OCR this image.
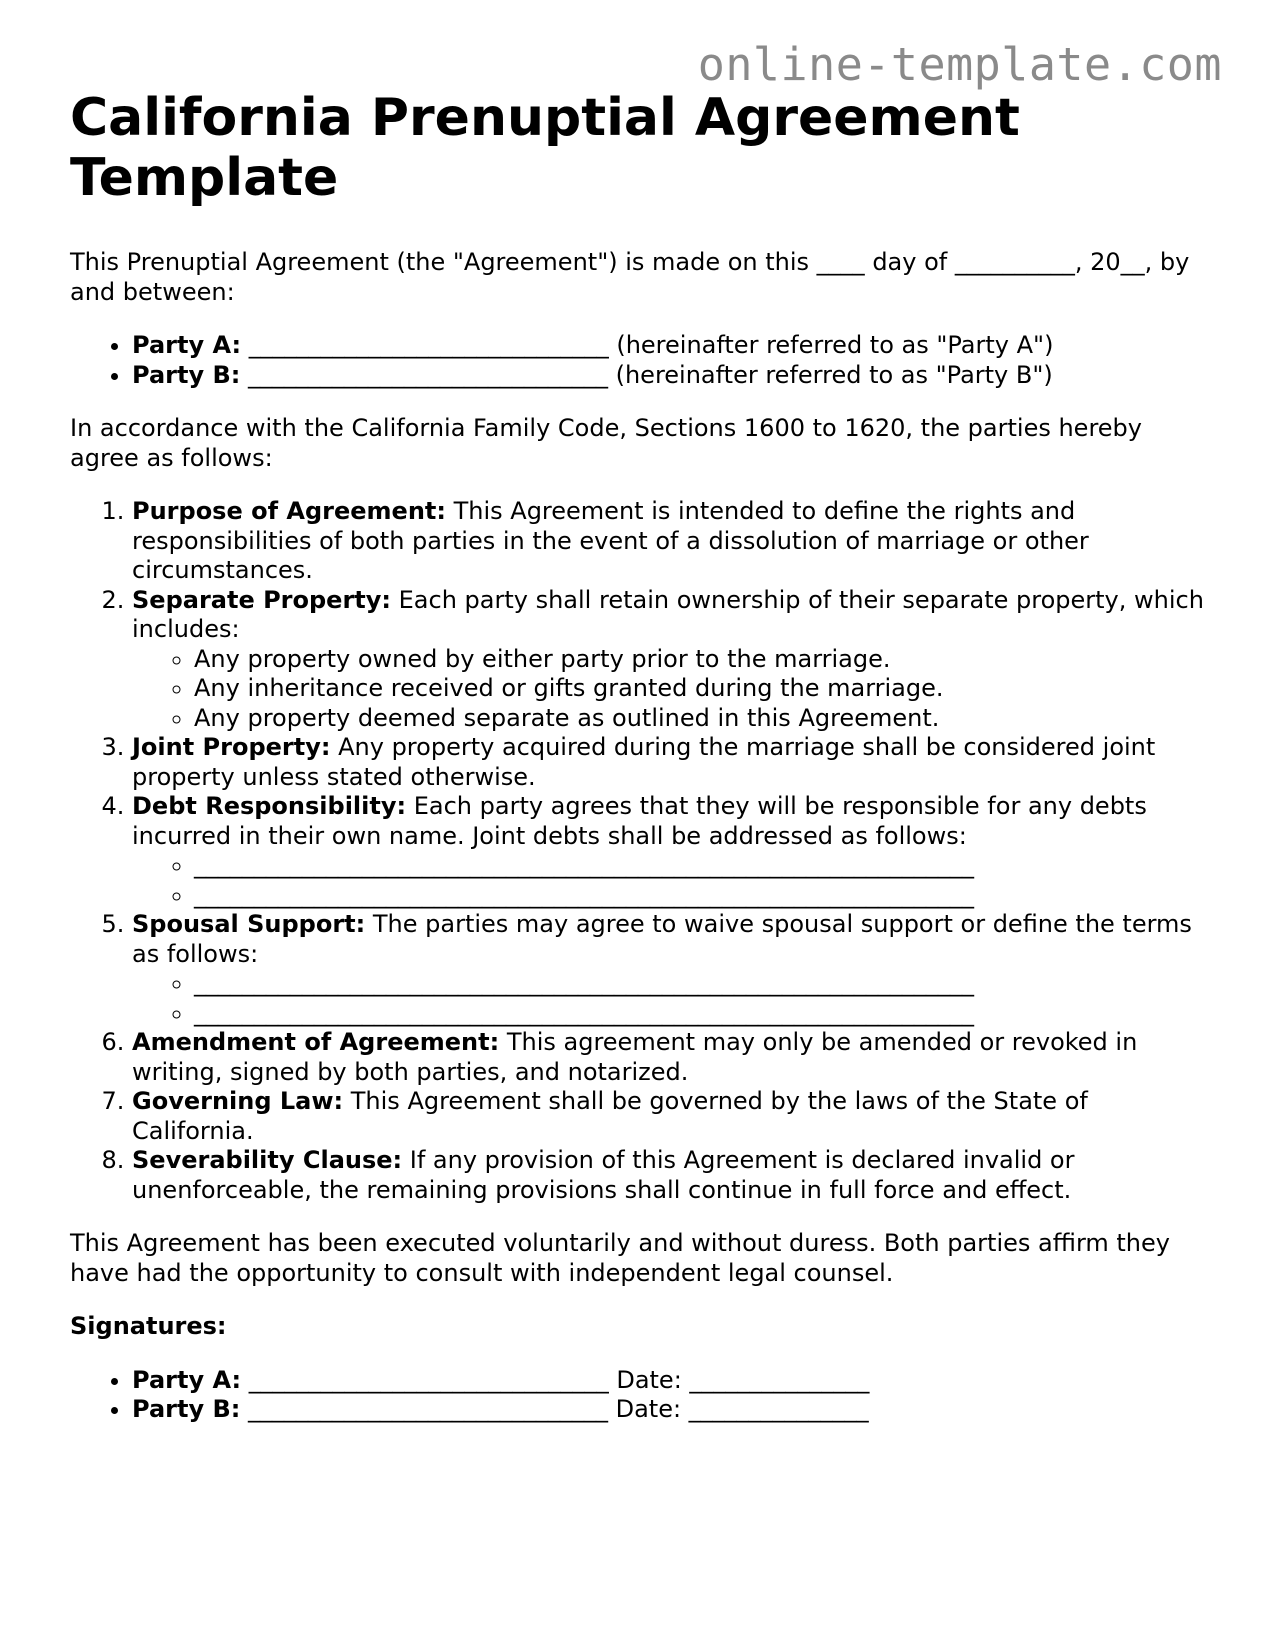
online-template.com
California Prenuptial Agreement Template

This Prenuptial Agreement (the "Agreement") is made on this ____ day of __________, 20__, by and between:

• Party A: ______________________________ (hereinafter referred to as "Party A")
• Party B: ______________________________ (hereinafter referred to as "Party B")

In accordance with the California Family Code, Sections 1600 to 1620, the parties hereby agree as follows:

1. Purpose of Agreement: This Agreement is intended to define the rights and responsibilities of both parties in the event of a dissolution of marriage or other circumstances.
2. Separate Property: Each party shall retain ownership of their separate property, which includes:
◦ Any property owned by either party prior to the marriage.
◦ Any inheritance received or gifts granted during the marriage.
◦ Any property deemed separate as outlined in this Agreement.
3. Joint Property: Any property acquired during the marriage shall be considered joint property unless stated otherwise.
4. Debt Responsibility: Each party agrees that they will be responsible for any debts incurred in their own name. Joint debts shall be addressed as follows:
◦ _________________________________________________________________
◦ _________________________________________________________________
5. Spousal Support: The parties may agree to waive spousal support or define the terms as follows:
◦ _________________________________________________________________
◦ _________________________________________________________________
6. Amendment of Agreement: This agreement may only be amended or revoked in writing, signed by both parties, and notarized.
7. Governing Law: This Agreement shall be governed by the laws of the State of California.
8. Severability Clause: If any provision of this Agreement is declared invalid or unenforceable, the remaining provisions shall continue in full force and effect.

This Agreement has been executed voluntarily and without duress. Both parties affirm they have had the opportunity to consult with independent legal counsel.

Signatures:

• Party A: ______________________________ Date: _______________
• Party B: ______________________________ Date: _______________
